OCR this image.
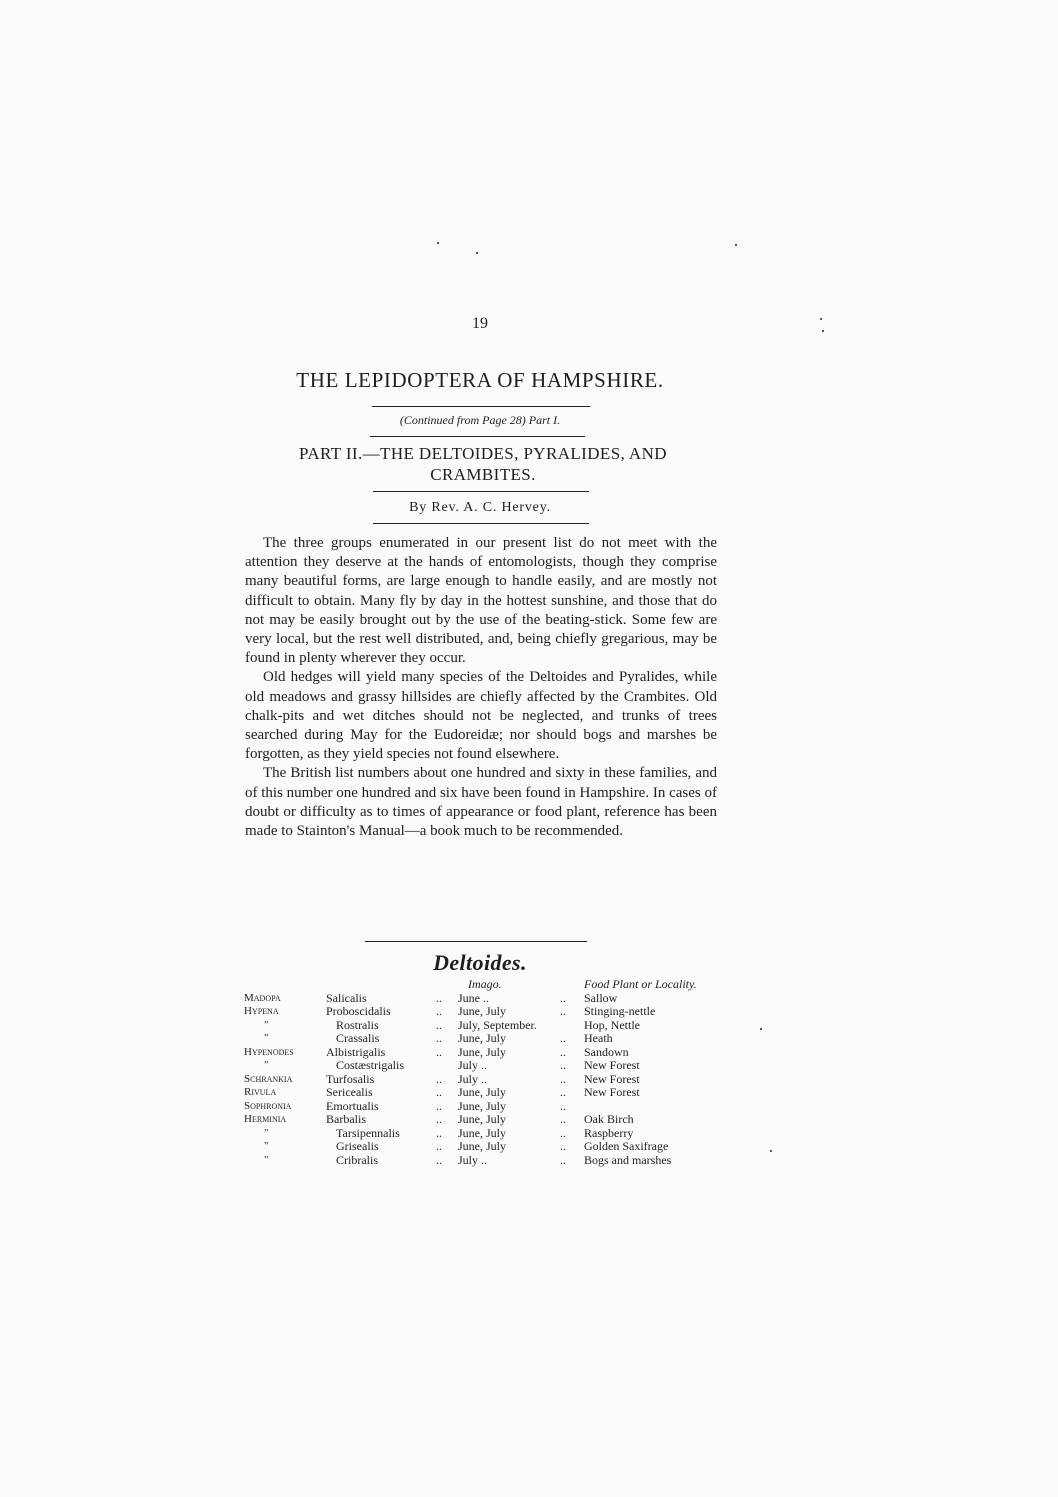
19
THE LEPIDOPTERA OF HAMPSHIRE.
(Continued from Page 28) Part I.
PART II.—THE DELTOIDES, PYRALIDES, AND
CRAMBITES.
By Rev. A. C. Hervey.

The three groups enumerated in our present list do not meet with the attention they deserve at the hands of entomologists, though they comprise many beautiful forms, are large enough to handle easily, and are mostly not difficult to obtain. Many fly by day in the hottest sunshine, and those that do not may be easily brought out by the use of the beating-stick. Some few are very local, but the rest well distributed, and, being chiefly gregarious, may be found in plenty wherever they occur.

Old hedges will yield many species of the Deltoides and Pyralides, while old meadows and grassy hillsides are chiefly affected by the Crambites. Old chalk-pits and wet ditches should not be neglected, and trunks of trees searched during May for the Eudoreidæ; nor should bogs and marshes be forgotten, as they yield species not found elsewhere.

The British list numbers about one hundred and sixty in these families, and of this number one hundred and six have been found in Hampshire. In cases of doubt or difficulty as to times of appearance or food plant, reference has been made to Stainton's Manual—a book much to be recommended.

Deltoides.
			Imago.		Food Plant or Locality.
Madopa	Salicalis	..	June ..	..	Sallow
Hypena	Proboscidalis	..	June, July	..	Stinging-nettle
"	Rostralis	..	July, September.		Hop, Nettle
"	Crassalis	..	June, July	..	Heath
Hypenodes	Albistrigalis	..	June, July	..	Sandown
"	Costæstrigalis		July ..	..	New Forest
Schrankia	Turfosalis	..	July ..	..	New Forest
Rivula	Sericealis	..	June, July	..	New Forest
Sophronia	Emortualis	..	June, July	..	
Herminia	Barbalis	..	June, July	..	Oak Birch
"	Tarsipennalis	..	June, July	..	Raspberry
"	Grisealis	..	June, July	..	Golden Saxifrage
"	Cribralis	..	July ..	..	Bogs and marshes
